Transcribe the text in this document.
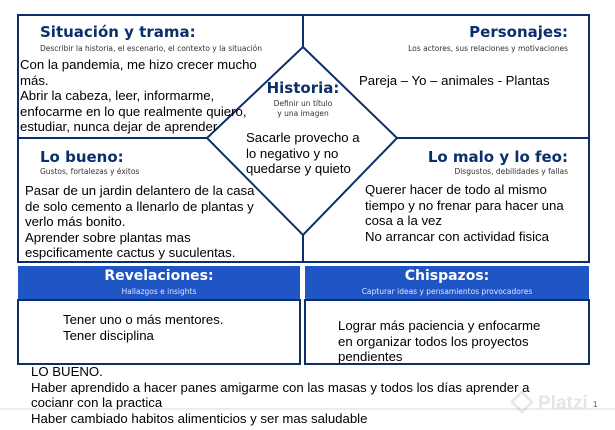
Situación y trama:
Describir la historia, el escenario, el contexto y la situación
Con la pandemia, me hizo crecer mucho
más.
Abrir la cabeza, leer, informarme,
enfocarme en lo que realmente quiero,
estudiar, nunca dejar de aprender
Personajes:
Los actores, sus relaciones y motivaciones
Pareja – Yo – animales - Plantas
Historia:
Definir un título
y una imagen
Sacarle provecho a
lo negativo y no
quedarse y quieto
Lo bueno:
Gustos, fortalezas y éxitos
Pasar de un jardin delantero de la casa
de solo cemento a llenarlo de plantas y
verlo más bonito.
Aprender sobre plantas mas
espcificamente cactus y suculentas.
Lo malo y lo feo:
Disgustos, debilidades y fallas
Querer hacer de todo al mismo
tiempo y no frenar para hacer una
cosa a la vez
No arrancar con actividad fisica
Revelaciones:
Hallazgos e insights
Tener uno o más mentores.
Tener disciplina
Chispazos:
Capturar ideas y pensamientos provocadores
Lograr más paciencia y enfocarme
en organizar todos los proyectos
pendientes
LO BUENO.
Haber aprendido a hacer panes amigarme con las masas y todos los días aprender a
cocianr con la practica
Haber cambiado habitos alimenticios y ser mas saludable
Platzi 1
